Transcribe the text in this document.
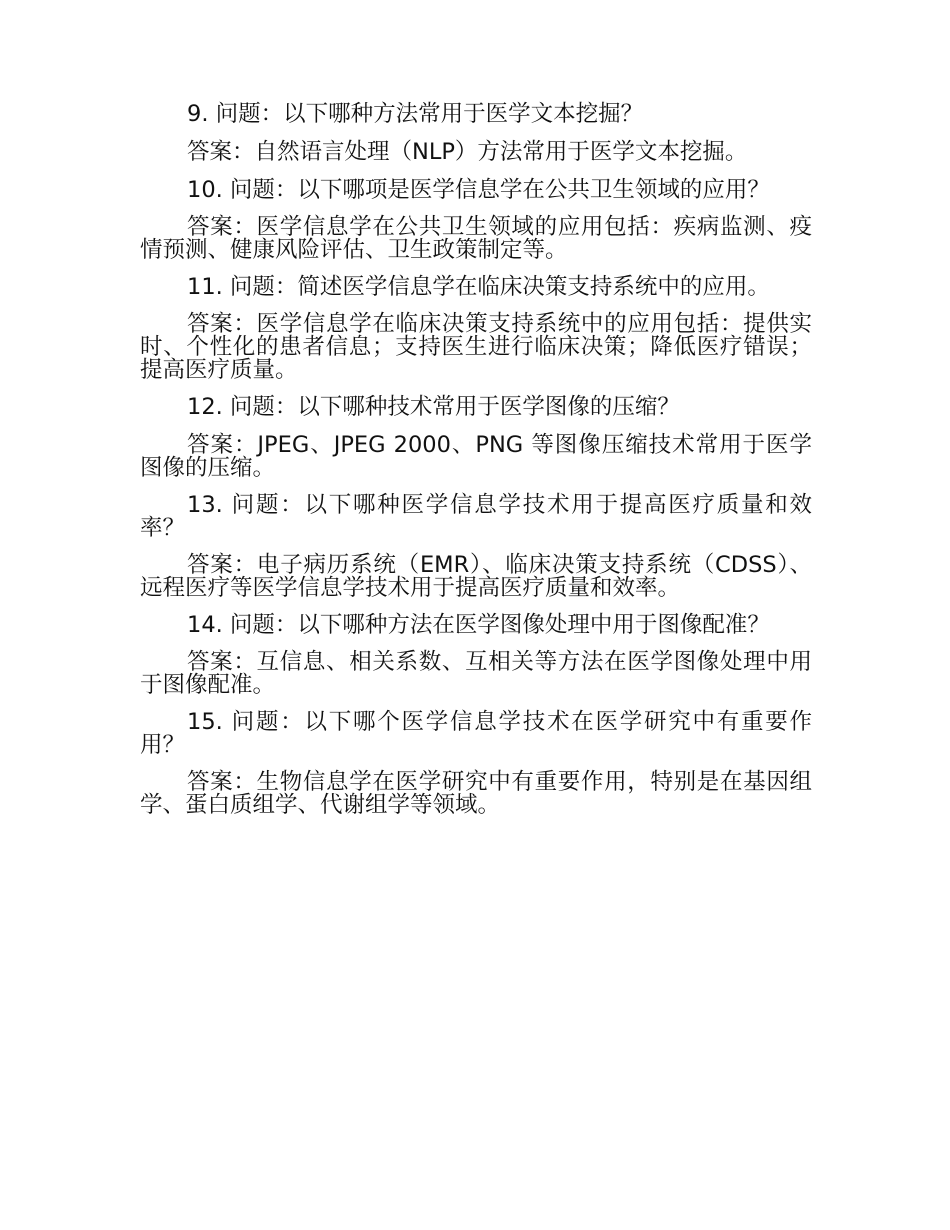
9. 问题：以下哪种方法常用于医学文本挖掘？

答案：自然语言处理（NLP）方法常用于医学文本挖掘。

10. 问题：以下哪项是医学信息学在公共卫生领域的应用？

答案：医学信息学在公共卫生领域的应用包括：疾病监测、疫情预测、健康风险评估、卫生政策制定等。

11. 问题：简述医学信息学在临床决策支持系统中的应用。

答案：医学信息学在临床决策支持系统中的应用包括：提供实时、个性化的患者信息；支持医生进行临床决策；降低医疗错误；提高医疗质量。

12. 问题：以下哪种技术常用于医学图像的压缩？

答案：JPEG、JPEG 2000、PNG 等图像压缩技术常用于医学图像的压缩。

13. 问题：以下哪种医学信息学技术用于提高医疗质量和效率？

答案：电子病历系统（EMR）、临床决策支持系统（CDSS）、远程医疗等医学信息学技术用于提高医疗质量和效率。

14. 问题：以下哪种方法在医学图像处理中用于图像配准？

答案：互信息、相关系数、互相关等方法在医学图像处理中用于图像配准。

15. 问题：以下哪个医学信息学技术在医学研究中有重要作用？

答案：生物信息学在医学研究中有重要作用，特别是在基因组学、蛋白质组学、代谢组学等领域。
